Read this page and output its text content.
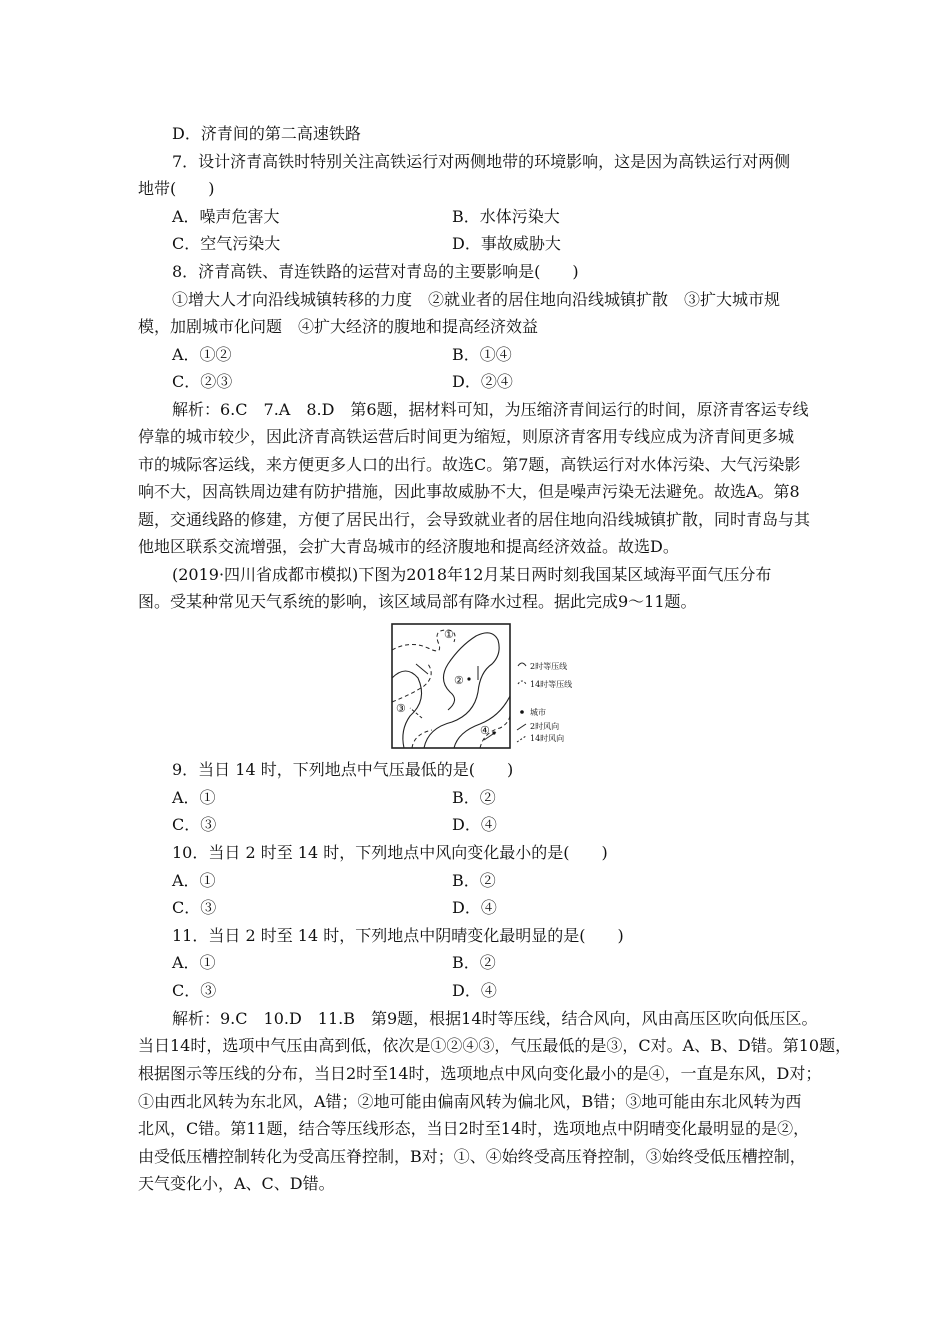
D．济青间的第二高速铁路
7．设计济青高铁时特别关注高铁运行对两侧地带的环境影响，这是因为高铁运行对两侧
地带(　　)
A．噪声危害大	B．水体污染大
C．空气污染大	D．事故威胁大
8．济青高铁、青连铁路的运营对青岛的主要影响是(　　)
①增大人才向沿线城镇转移的力度　②就业者的居住地向沿线城镇扩散　③扩大城市规
模，加剧城市化问题　④扩大经济的腹地和提高经济效益
A．①②	B．①④
C．②③	D．②④
解析：6.C　7.A　8.D　第6题，据材料可知，为压缩济青间运行的时间，原济青客运专线
停靠的城市较少，因此济青高铁运营后时间更为缩短，则原济青客用专线应成为济青间更多城
市的城际客运线，来方便更多人口的出行。故选C。第7题，高铁运行对水体污染、大气污染影
响不大，因高铁周边建有防护措施，因此事故威胁不大，但是噪声污染无法避免。故选A。第8
题，交通线路的修建，方便了居民出行，会导致就业者的居住地向沿线城镇扩散，同时青岛与其
他地区联系交流增强，会扩大青岛城市的经济腹地和提高经济效益。故选D。
(2019·四川省成都市模拟)下图为2018年12月某日两时刻我国某区域海平面气压分布
图。受某种常见天气系统的影响，该区域局部有降水过程。据此完成9～11题。
①
②
③
④
2时等压线
14时等压线
城市
2时风向
14时风向
9．当日 14 时，下列地点中气压最低的是(　　)
A．①	B．②
C．③	D．④
10．当日 2 时至 14 时，下列地点中风向变化最小的是(　　)
A．①	B．②
C．③	D．④
11．当日 2 时至 14 时，下列地点中阴晴变化最明显的是(　　)
A．①	B．②
C．③	D．④
解析：9.C　10.D　11.B　第9题，根据14时等压线，结合风向，风由高压区吹向低压区。
当日14时，选项中气压由高到低，依次是①②④③，气压最低的是③，C对。A、B、D错。第10题，
根据图示等压线的分布，当日2时至14时，选项地点中风向变化最小的是④，一直是东风，D对；
①由西北风转为东北风，A错；②地可能由偏南风转为偏北风，B错；③地可能由东北风转为西
北风，C错。第11题，结合等压线形态，当日2时至14时，选项地点中阴晴变化最明显的是②，
由受低压槽控制转化为受高压脊控制，B对；①、④始终受高压脊控制，③始终受低压槽控制，
天气变化小，A、C、D错。
